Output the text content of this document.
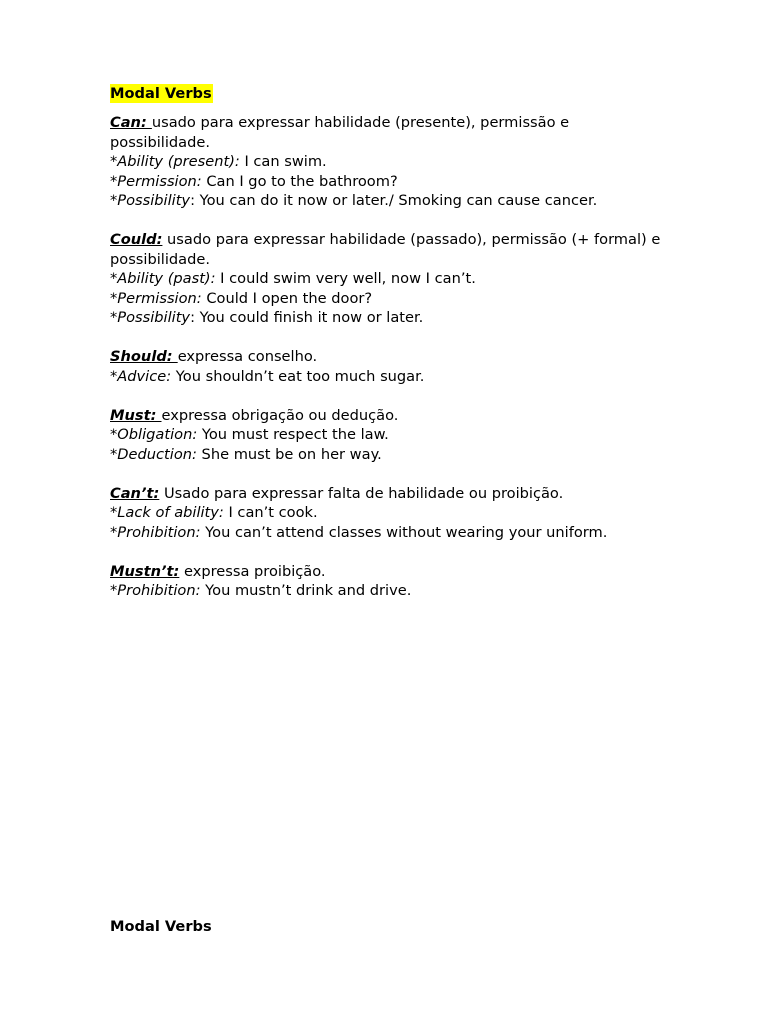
Modal Verbs

Can: usado para expressar habilidade (presente), permissão e possibilidade.

*Ability (present): I can swim.

*Permission: Can I go to the bathroom?

*Possibility: You can do it now or later./ Smoking can cause cancer.

Could: usado para expressar habilidade (passado), permissão (+ formal) e possibilidade.

*Ability (past): I could swim very well, now I can’t.

*Permission: Could I open the door?

*Possibility: You could finish it now or later.

Should: expressa conselho.

*Advice: You shouldn’t eat too much sugar.

Must: expressa obrigação ou dedução.

*Obligation: You must respect the law.

*Deduction: She must be on her way.

Can’t: Usado para expressar falta de habilidade ou proibição.

*Lack of ability: I can’t cook.

*Prohibition: You can’t attend classes without wearing your uniform.

Mustn’t: expressa proibição.

*Prohibition: You mustn’t drink and drive.

Modal Verbs
